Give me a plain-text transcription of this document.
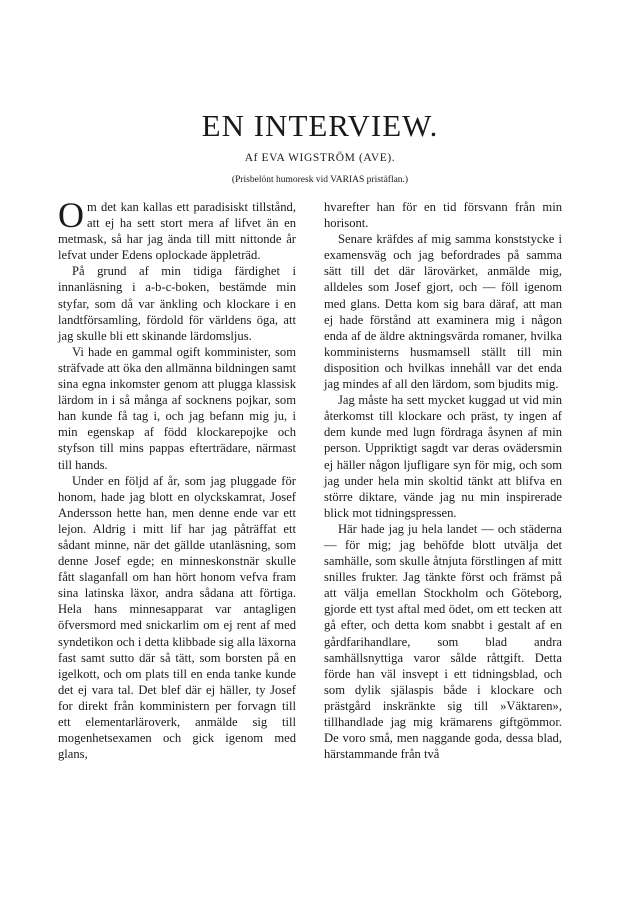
EN INTERVIEW.
Af EVA WIGSTRÖM (AVE).
(Prisbelönt humoresk vid VARIAS pristäflan.)

Om det kan kallas ett paradisiskt tillstånd, att ej ha sett stort mera af lifvet än en metmask, så har jag ända till mitt nittonde år lefvat under Edens oplockade äppleträd.

På grund af min tidiga färdighet i innanläsning i a-b-c-boken, bestämde min styfar, som då var änkling och klockare i en landtförsamling, fördold för världens öga, att jag skulle bli ett skinande lärdomsljus.

Vi hade en gammal ogift komminister, som sträfvade att öka den allmänna bildningen samt sina egna inkomster genom att plugga klassisk lärdom in i så många af socknens pojkar, som han kunde få tag i, och jag befann mig ju, i min egenskap af född klockarepojke och styfson till mins pappas efterträdare, närmast till hands.

Under en följd af år, som jag pluggade för honom, hade jag blott en olyckskamrat, Josef Andersson hette han, men denne ende var ett lejon. Aldrig i mitt lif har jag påträffat ett sådant minne, när det gällde utanläsning, som denne Josef egde; en minneskonstnär skulle fått slaganfall om han hört honom vefva fram sina latinska läxor, andra sådana att förtiga. Hela hans minnesapparat var antagligen öfversmord med snickarlim om ej rent af med syndetikon och i detta klibbade sig alla läxorna fast samt sutto där så tätt, som borsten på en igelkott, och om plats till en enda tanke kunde det ej vara tal. Det blef där ej häller, ty Josef for direkt från komministern per forvagn till ett elementarläroverk, anmälde sig till mogenhetsexamen och gick igenom med glans,

hvarefter han för en tid försvann från min horisont.

Senare kräfdes af mig samma konststycke i examensväg och jag befordrades på samma sätt till det där lärovärket, anmälde mig, alldeles som Josef gjort, och — föll igenom med glans. Detta kom sig bara däraf, att man ej hade förstånd att examinera mig i någon enda af de äldre aktningsvärda romaner, hvilka komministerns husmamsell ställt till min disposition och hvilkas innehåll var det enda jag mindes af all den lärdom, som bjudits mig.

Jag måste ha sett mycket kuggad ut vid min återkomst till klockare och präst, ty ingen af dem kunde med lugn fördraga åsynen af min person. Uppriktigt sagdt var deras ovädersmin ej häller någon ljufligare syn för mig, och som jag under hela min skoltid tänkt att blifva en större diktare, vände jag nu min inspirerade blick mot tidningspressen.

Här hade jag ju hela landet — och städerna — för mig; jag behöfde blott utvälja det samhälle, som skulle åtnjuta förstlingen af mitt snilles frukter. Jag tänkte först och främst på att välja emellan Stockholm och Göteborg, gjorde ett tyst aftal med ödet, om ett tecken att gå efter, och detta kom snabbt i gestalt af en gårdfarihandlare, som blad andra samhällsnyttiga varor sålde råttgift. Detta förde han väl insvept i ett tidningsblad, och som dylik själaspis både i klockare och prästgård inskränkte sig till »Väktaren», tillhandlade jag mig krämarens giftgömmor. De voro små, men naggande goda, dessa blad, härstammande från två
